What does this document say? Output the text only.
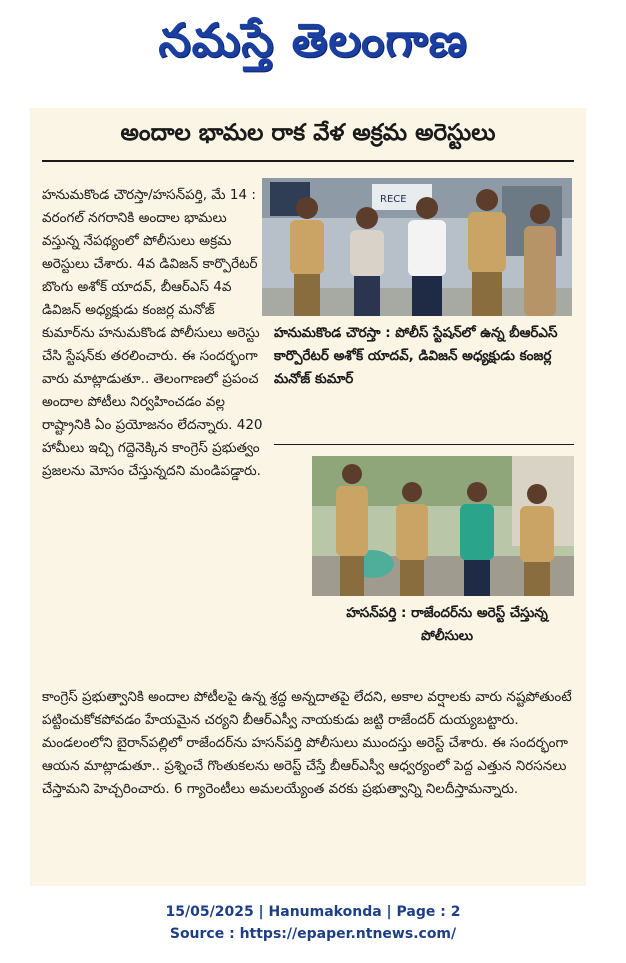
నమస్తే తెలంగాణ
అందాల భామల రాక వేళ అక్రమ అరెస్టులు
హనుమకొండ చౌరస్తా/హసన్‌పర్తి, మే 14 : వరంగల్ నగరానికి అందాల భామలు వస్తున్న నేపథ్యంలో పోలీసులు అక్రమ అరెస్టులు చేశారు. 4వ డివిజన్ కార్పొరేటర్ బొంగు అశోక్ యాదవ్, బీఆర్‌ఎస్ 4వ డివిజన్ అధ్యక్షుడు కంజర్ల మనోజ్ కుమార్‌ను హనుమకొండ పోలీసులు అరెస్టు చేసి స్టేషన్‌కు తరలించారు. ఈ సందర్భంగా వారు మాట్లాడుతూ.. తెలంగాణలో ప్రపంచ అందాల పోటీలు నిర్వహించడం వల్ల రాష్ట్రానికి ఏం ప్రయోజనం లేదన్నారు. 420 హామీలు ఇచ్చి గద్దెనెక్కిన కాంగ్రెస్ ప్రభుత్వం ప్రజలను మోసం చేస్తున్నదని మండిపడ్డారు.
RECE
హనుమకొండ చౌరస్తా : పోలీస్ స్టేషన్‌లో ఉన్న బీఆర్‌ఎస్ కార్పొరేటర్ అశోక్ యాదవ్, డివిజన్ అధ్యక్షుడు కంజర్ల మనోజ్ కుమార్
హసన్‌పర్తి : రాజేందర్‌ను అరెస్ట్ చేస్తున్న పోలీసులు
కాంగ్రెస్ ప్రభుత్వానికి అందాల పోటీలపై ఉన్న శ్రద్ధ అన్నదాతపై లేదని, అకాల వర్షాలకు వారు నష్టపోతుంటే పట్టించుకోకపోవడం హేయమైన చర్యని బీఆర్‌ఎస్వీ నాయకుడు జట్టి రాజేందర్ దుయ్యబట్టారు. మండలంలోని బైరాన్‌పల్లిలో రాజేందర్‌ను హసన్‌పర్తి పోలీసులు ముందస్తు అరెస్ట్ చేశారు. ఈ సందర్భంగా ఆయన మాట్లాడుతూ.. ప్రశ్నించే గొంతుకలను అరెస్ట్ చేస్తే బీఆర్‌ఎస్వీ ఆధ్వర్యంలో పెద్ద ఎత్తున నిరసనలు చేస్తామని హెచ్చరించారు. 6 గ్యారెంటీలు అమలయ్యేంత వరకు ప్రభుత్వాన్ని నిలదీస్తామన్నారు.
15/05/2025 | Hanumakonda | Page : 2
Source : https://epaper.ntnews.com/
